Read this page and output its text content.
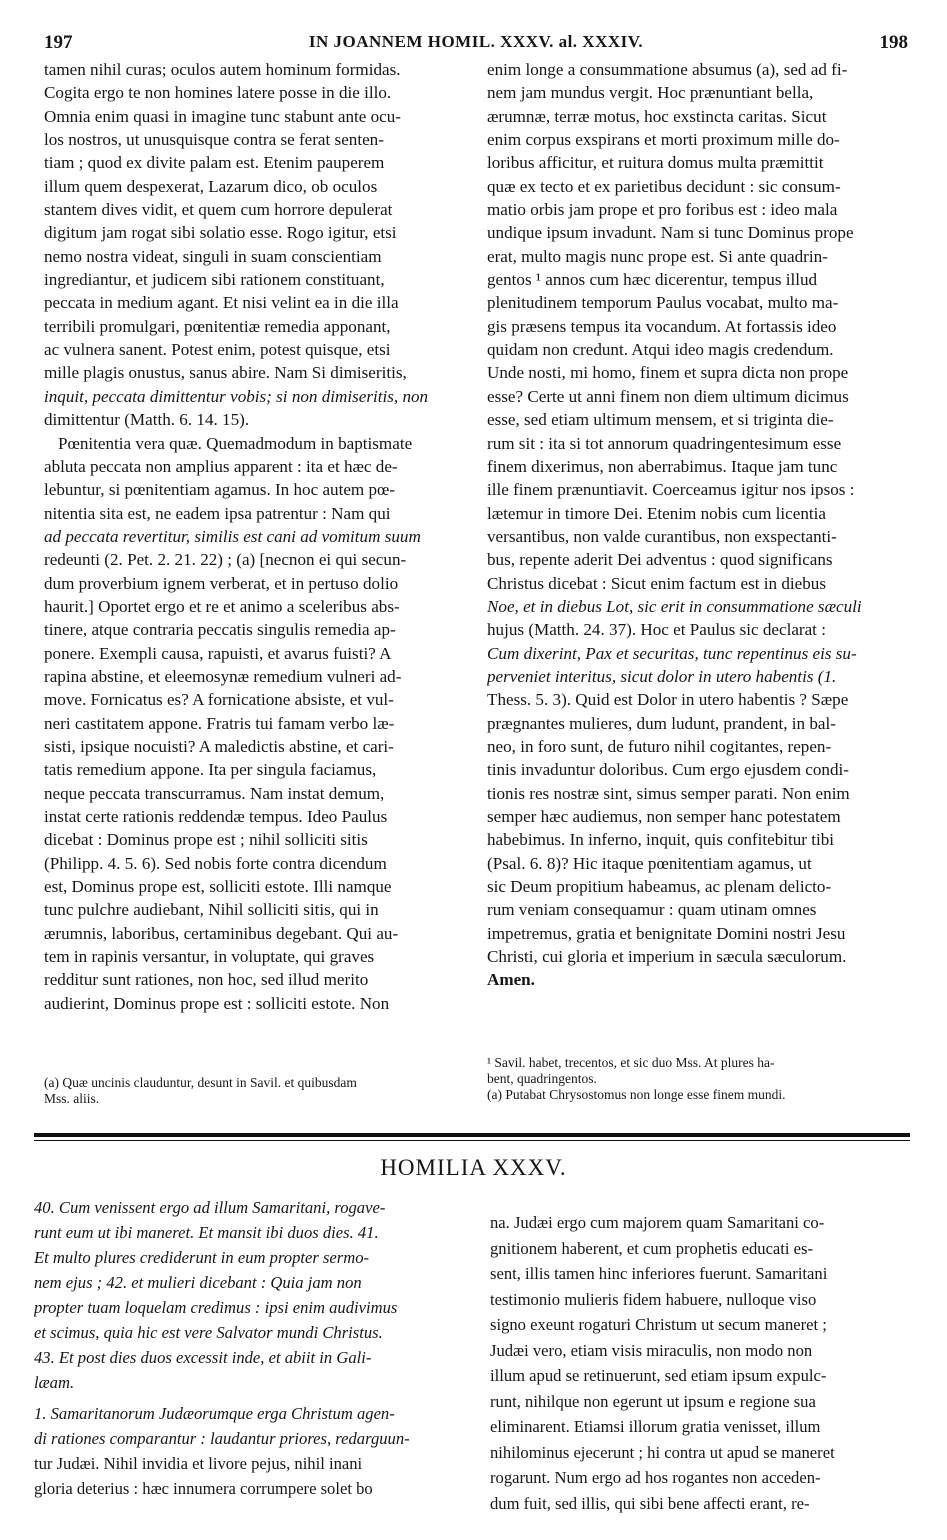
197	IN JOANNEM HOMIL. XXXV. al. XXXIV.	198
tamen nihil curas; oculos autem hominum formidas.
Cogita ergo te non homines latere posse in die illo.
Omnia enim quasi in imagine tunc stabunt ante ocu-
los nostros, ut unusquisque contra se ferat senten-
tiam ; quod ex divite palam est. Etenim pauperem
illum quem despexerat, Lazarum dico, ob oculos
stantem dives vidit, et quem cum horrore depulerat
digitum jam rogat sibi solatio esse. Rogo igitur, etsi
nemo nostra videat, singuli in suam conscientiam
ingrediantur, et judicem sibi rationem constituant,
peccata in medium agant. Et nisi velint ea in die illa
terribili promulgari, pœnitentiæ remedia apponant,
ac vulnera sanent. Potest enim, potest quisque, etsi
mille plagis onustus, sanus abire. Nam Si dimiseritis,
inquit, peccata dimittentur vobis; si non dimiseritis, non
dimittentur (Matth. 6. 14. 15).
Pœnitentia vera quæ. Quemadmodum in baptismate
abluta peccata non amplius apparent : ita et hæc de-
lebuntur, si pœnitentiam agamus. In hoc autem pœ-
nitentia sita est, ne eadem ipsa patrentur : Nam qui
ad peccata revertitur, similis est cani ad vomitum suum
redeunti (2. Pet. 2. 21. 22) ; (a) [necnon ei qui secun-
dum proverbium ignem verberat, et in pertuso dolio
haurit.] Oportet ergo et re et animo a sceleribus abs-
tinere, atque contraria peccatis singulis remedia ap-
ponere. Exempli causa, rapuisti, et avarus fuisti? A
rapina abstine, et eleemosynæ remedium vulneri ad-
move. Fornicatus es? A fornicatione absiste, et vul-
neri castitatem appone. Fratris tui famam verbo læ-
sisti, ipsique nocuisti? A maledictis abstine, et cari-
tatis remedium appone. Ita per singula faciamus,
neque peccata transcurramus. Nam instat demum,
instat certe rationis reddendæ tempus. Ideo Paulus
dicebat : Dominus prope est ; nihil solliciti sitis
(Philipp. 4. 5. 6). Sed nobis forte contra dicendum
est, Dominus prope est, solliciti estote. Illi namque
tunc pulchre audiebant, Nihil solliciti sitis, qui in
ærumnis, laboribus, certaminibus degebant. Qui au-
tem in rapinis versantur, in voluptate, qui graves
redditur sunt rationes, non hoc, sed illud merito
audierint, Dominus prope est : solliciti estote. Non
enim longe a consummatione absumus (a), sed ad fi-
nem jam mundus vergit. Hoc prænuntiant bella,
ærumnæ, terræ motus, hoc exstincta caritas. Sicut
enim corpus exspirans et morti proximum mille do-
loribus afficitur, et ruitura domus multa præmittit
quæ ex tecto et ex parietibus decidunt : sic consum-
matio orbis jam prope et pro foribus est : ideo mala
undique ipsum invadunt. Nam si tunc Dominus prope
erat, multo magis nunc prope est. Si ante quadrin-
gentos ¹ annos cum hæc dicerentur, tempus illud
plenitudinem temporum Paulus vocabat, multo ma-
gis præsens tempus ita vocandum. At fortassis ideo
quidam non credunt. Atqui ideo magis credendum.
Unde nosti, mi homo, finem et supra dicta non prope
esse? Certe ut anni finem non diem ultimum dicimus
esse, sed etiam ultimum mensem, et si triginta die-
rum sit : ita si tot annorum quadringentesimum esse
finem dixerimus, non aberrabimus. Itaque jam tunc
ille finem prænuntiavit. Coerceamus igitur nos ipsos :
lætemur in timore Dei. Etenim nobis cum licentia
versantibus, non valde curantibus, non exspectanti-
bus, repente aderit Dei adventus : quod significans
Christus dicebat : Sicut enim factum est in diebus
Noe, et in diebus Lot, sic erit in consummatione sæculi
hujus (Matth. 24. 37). Hoc et Paulus sic declarat :
Cum dixerint, Pax et securitas, tunc repentinus eis su-
perveniet interitus, sicut dolor in utero habentis (1.
Thess. 5. 3). Quid est Dolor in utero habentis ? Sæpe
prægnantes mulieres, dum ludunt, prandent, in bal-
neo, in foro sunt, de futuro nihil cogitantes, repen-
tinis invaduntur doloribus. Cum ergo ejusdem condi-
tionis res nostræ sint, simus semper parati. Non enim
semper hæc audiemus, non semper hanc potestatem
habebimus. In inferno, inquit, quis confitebitur tibi
(Psal. 6. 8)? Hic itaque pœnitentiam agamus, ut
sic Deum propitium habeamus, ac plenam delicto-
rum veniam consequamur : quam utinam omnes
impetremus, gratia et benignitate Domini nostri Jesu
Christi, cui gloria et imperium in sæcula sæculorum.
Amen.
(a) Quæ uncinis clauduntur, desunt in Savil. et quibusdam
Mss. aliis.
¹ Savil. habet, trecentos, et sic duo Mss. At plures ha-
bent, quadringentos.
(a) Putabat Chrysostomus non longe esse finem mundi.
HOMILIA XXXV.
40. Cum venissent ergo ad illum Samaritani, rogave-
runt eum ut ibi maneret. Et mansit ibi duos dies. 41.
Et multo plures crediderunt in eum propter sermo-
nem ejus ; 42. et mulieri dicebant : Quia jam non
propter tuam loquelam credimus : ipsi enim audivimus
et scimus, quia hic est vere Salvator mundi Christus.
43. Et post dies duos excessit inde, et abiit in Gali-
læam.
1. Samaritanorum Judæorumque erga Christum agen-
di rationes comparantur : laudantur priores, redarguun-
tur Judæi. Nihil invidia et livore pejus, nihil inani
gloria deterius : hæc innumera corrumpere solet bo
na. Judæi ergo cum majorem quam Samaritani co-
gnitionem haberent, et cum prophetis educati es-
sent, illis tamen hinc inferiores fuerunt. Samaritani
testimonio mulieris fidem habuere, nulloque viso
signo exeunt rogaturi Christum ut secum maneret ;
Judæi vero, etiam visis miraculis, non modo non
illum apud se retinuerunt, sed etiam ipsum expulc-
runt, nihilque non egerunt ut ipsum e regione sua
eliminarent. Etiamsi illorum gratia venisset, illum
nihilominus ejecerunt ; hi contra ut apud se maneret
rogarunt. Num ergo ad hos rogantes non acceden-
dum fuit, sed illis, qui sibi bene affecti erant, re-
